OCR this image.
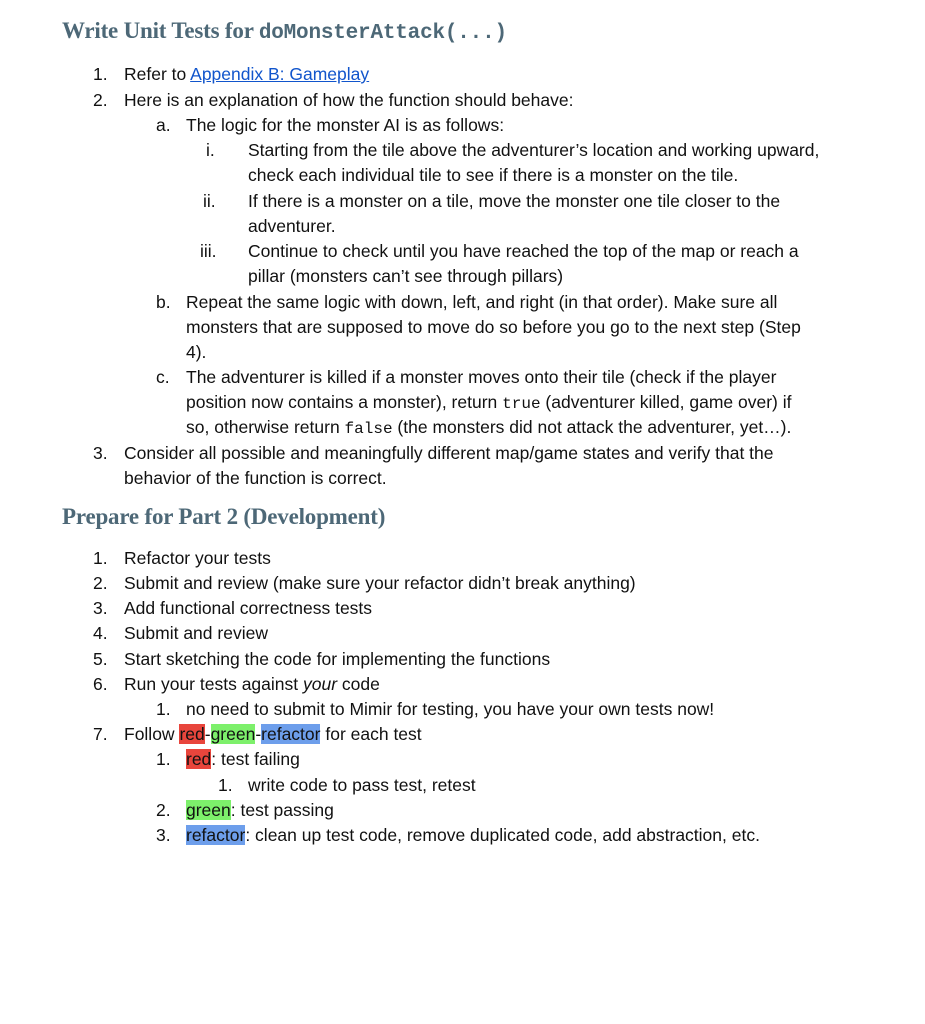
Write Unit Tests for doMonsterAttack(...)
1. Refer to Appendix B: Gameplay
2. Here is an explanation of how the function should behave:
a. The logic for the monster AI is as follows:
i. Starting from the tile above the adventurer’s location and working upward,
check each individual tile to see if there is a monster on the tile.
ii. If there is a monster on a tile, move the monster one tile closer to the
adventurer.
iii. Continue to check until you have reached the top of the map or reach a
pillar (monsters can’t see through pillars)
b. Repeat the same logic with down, left, and right (in that order). Make sure all
monsters that are supposed to move do so before you go to the next step (Step
4).
c. The adventurer is killed if a monster moves onto their tile (check if the player
position now contains a monster), return true (adventurer killed, game over) if
so, otherwise return false (the monsters did not attack the adventurer, yet…).
3. Consider all possible and meaningfully different map/game states and verify that the
behavior of the function is correct.
Prepare for Part 2 (Development)
1. Refactor your tests
2. Submit and review (make sure your refactor didn’t break anything)
3. Add functional correctness tests
4. Submit and review
5. Start sketching the code for implementing the functions
6. Run your tests against your code
1. no need to submit to Mimir for testing, you have your own tests now!
7. Follow red-green-refactor for each test
1. red: test failing
1. write code to pass test, retest
2. green: test passing
3. refactor: clean up test code, remove duplicated code, add abstraction, etc.
